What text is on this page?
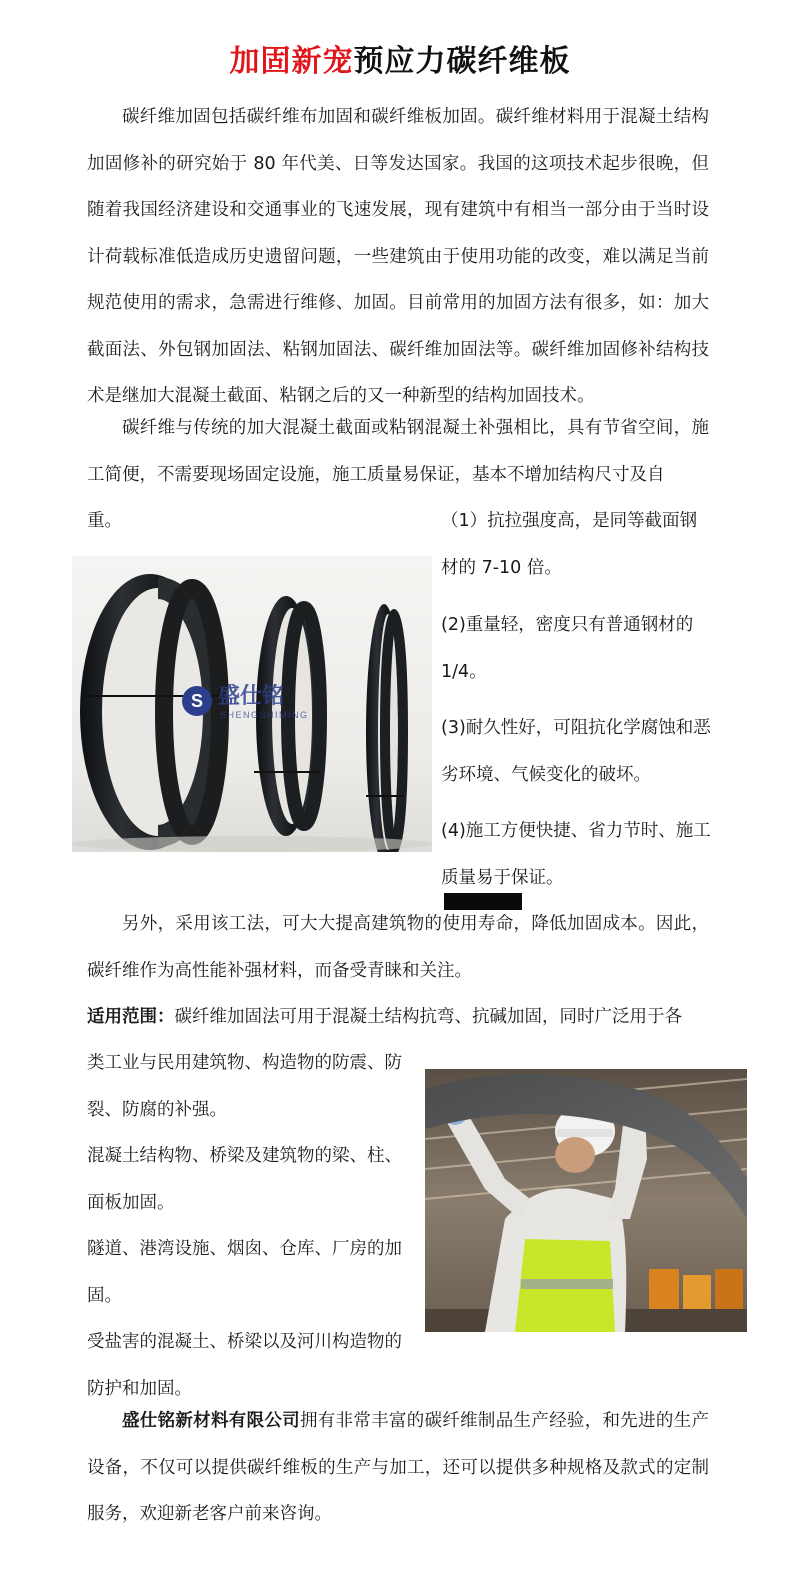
加固新宠预应力碳纤维板

碳纤维加固包括碳纤维布加固和碳纤维板加固。碳纤维材料用于混凝土结构加固修补的研究始于 80 年代美、日等发达国家。我国的这项技术起步很晚，但随着我国经济建设和交通事业的飞速发展，现有建筑中有相当一部分由于当时设计荷载标准低造成历史遗留问题，一些建筑由于使用功能的改变，难以满足当前规范使用的需求，急需进行维修、加固。目前常用的加固方法有很多，如：加大截面法、外包钢加固法、粘钢加固法、碳纤维加固法等。碳纤维加固修补结构技术是继加大混凝土截面、粘钢之后的又一种新型的结构加固技术。

碳纤维与传统的加大混凝土截面或粘钢混凝土补强相比，具有节省空间，施工简便，不需要现场固定设施，施工质量易保证，基本不增加结构尺寸及自

重。

S 盛仕铭
SHENGSHIMING

（1）抗拉强度高，是同等截面钢材的 7-10 倍。

(2)重量轻，密度只有普通钢材的 1/4。

(3)耐久性好，可阻抗化学腐蚀和恶劣环境、气候变化的破坏。

(4)施工方便快捷、省力节时、施工质量易于保证。

另外，采用该工法，可大大提高建筑物的使用寿命，降低加固成本。因此，碳纤维作为高性能补强材料，而备受青睐和关注。

适用范围：碳纤维加固法可用于混凝土结构抗弯、抗碱加固，同时广泛用于各

类工业与民用建筑物、构造物的防震、防

裂、防腐的补强。

混凝土结构物、桥梁及建筑物的梁、柱、

面板加固。

隧道、港湾设施、烟囱、仓库、厂房的加

固。

受盐害的混凝土、桥梁以及河川构造物的

防护和加固。

盛仕铭新材料有限公司拥有非常丰富的碳纤维制品生产经验，和先进的生产设备，不仅可以提供碳纤维板的生产与加工，还可以提供多种规格及款式的定制服务，欢迎新老客户前来咨询。
